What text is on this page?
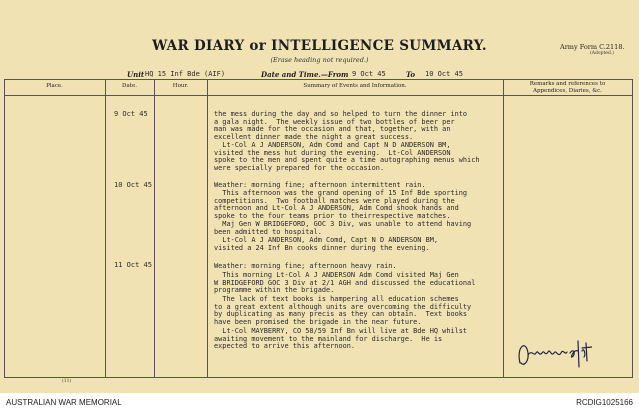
WAR DIARY or INTELLIGENCE SUMMARY.
(Erase heading not required.)
Army Form C.2118.
(Adopted.)
Unit HQ 15 Inf Bde (AIF)	Date and Time.—From 9 Oct 45	To 10 Oct 45
Place.	Date.	Hour.	Summary of Events and Information.	Remarks and references to
Appendices, Diaries, &c.
9 Oct 45	the mess during the day and so helped to turn the dinner into
a gala night.  The weekly issue of two bottles of beer per
man was made for the occasion and that, together, with an
excellent dinner made the night a great success.
Lt-Col A J ANDERSON, Adm Comd and Capt N D ANDERSON BM,
visited the mess hut during the evening.  Lt-Col ANDERSON
spoke to the men and spent quite a time autographing menus which
were specially prepared for the occasion.
10 Oct 45	Weather: morning fine; afternoon intermittent rain.
This afternoon was the grand opening of 15 Inf Bde sporting
competitions.  Two football matches were played during the
afternoon and Lt-Col A J ANDERSON, Adm Comd shook hands and
spoke to the four teams prior to theirrespective matches.
Maj Gen W BRIDGEFORD, GOC 3 Div, was unable to attend having
been admitted to hospital.
Lt-Col A J ANDERSON, Adm Comd, Capt N D ANDERSON BM,
visited a 24 Inf Bn cooks dinner during the evening.
11 Oct 45	Weather: morning fine; afternoon heavy rain.
This morning Lt-Col A J ANDERSON Adm Comd visited Maj Gen
W BRIDGEFORD GOC 3 Div at 2/1 AGH and discussed the educational
programme within the brigade.
The lack of text books is hampering all education schemes
to a great extent although units are overcoming the difficulty
by duplicating as many precis as they can obtain.  Text books
have been promised the brigade in the near future.
Lt-Col MAYBERRY, CO 58/59 Inf Bn will live at Bde HQ whilst
awaiting movement to the mainland for discharge.  He is
expected to arrive this afternoon.
(11)
AUSTRALIAN WAR MEMORIAL	RCDIG1025166
